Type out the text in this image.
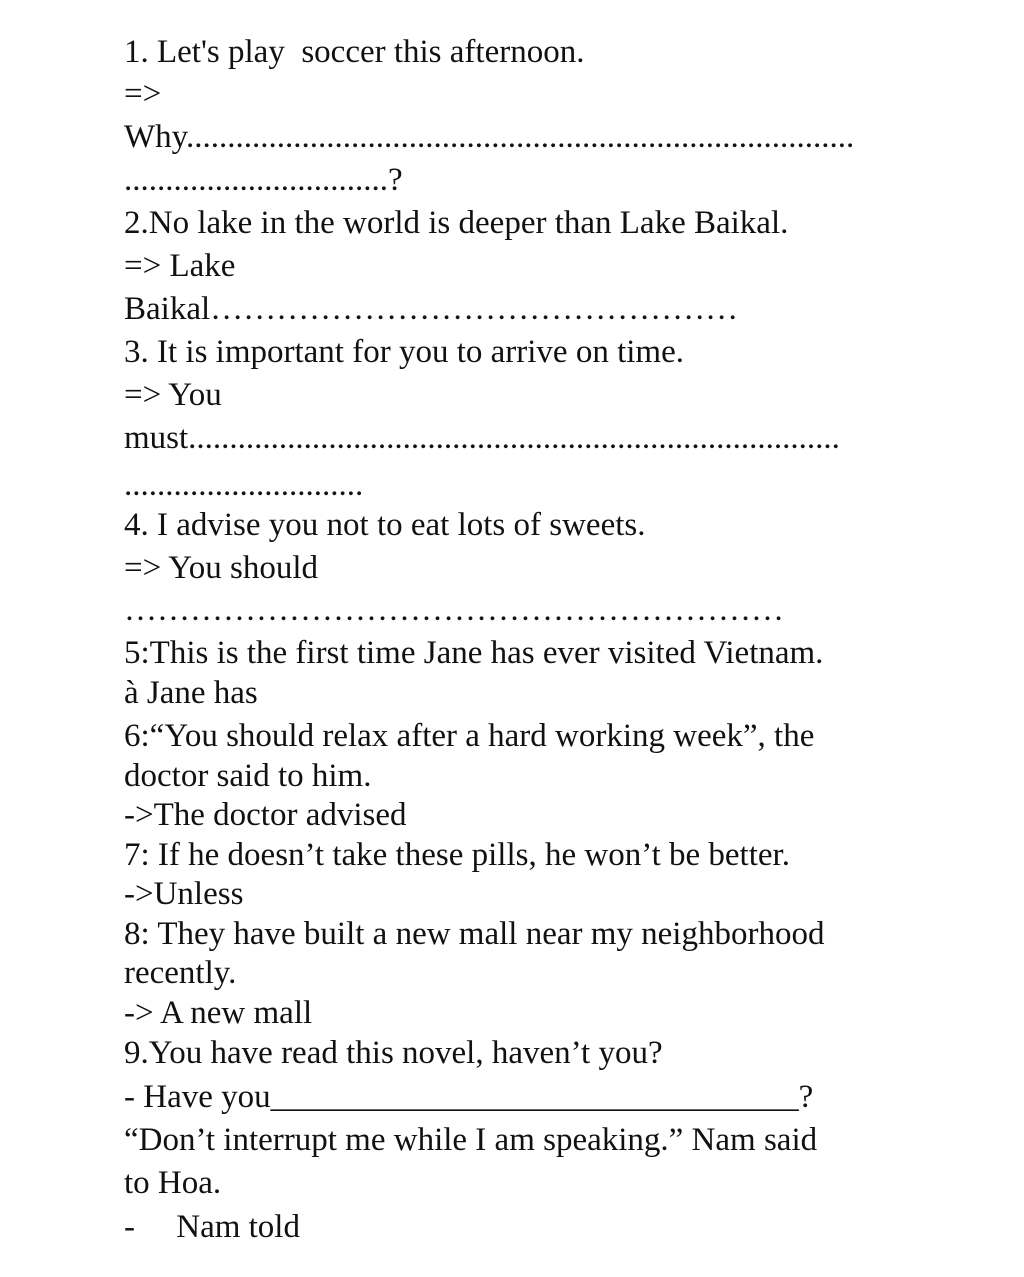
1. Let's play  soccer this afternoon.
=>
Why.................................................................................
................................?
2.No lake in the world is deeper than Lake Baikal.
=> Lake
Baikal…………………………………………
3. It is important for you to arrive on time.
=> You
must...............................................................................
.............................
4. I advise you not to eat lots of sweets.
=> You should
……………………………………………………
5:This is the first time Jane has ever visited Vietnam.
à Jane has
6:“You should relax after a hard working week”, the
doctor said to him.
->The doctor advised
7: If he doesn’t take these pills, he won’t be better.
->Unless
8: They have built a new mall near my neighborhood
recently.
-> A new mall
9.You have read this novel, haven’t you?
- Have you________________________________?
“Don’t interrupt me while I am speaking.” Nam said
to Hoa.
-     Nam told
